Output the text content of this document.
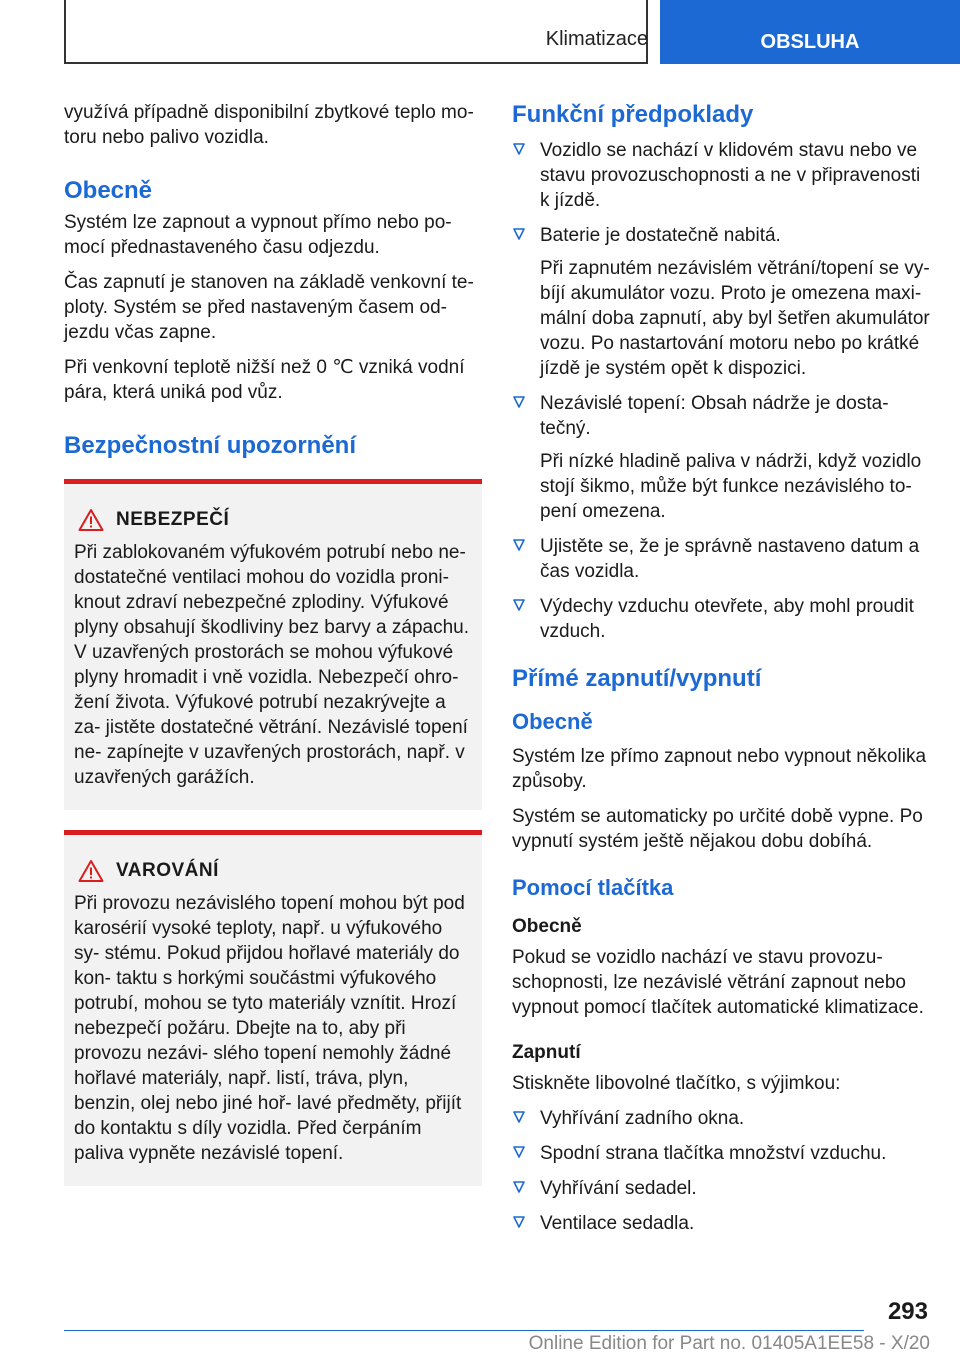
Klimatizace	OBSLUHA

využívá případně disponibilní zbytkové teplo mo- toru nebo palivo vozidla.

Obecně

Systém lze zapnout a vypnout přímo nebo po- mocí přednastaveného času odjezdu.

Čas zapnutí je stanoven na základě venkovní te- ploty. Systém se před nastaveným časem od- jezdu včas zapne.

Při venkovní teplotě nižší než 0 ℃ vzniká vodní pára, která uniká pod vůz.

Bezpečnostní upozornění
NEBEZPEČÍ

Při zablokovaném výfukovém potrubí nebo ne- dostatečné ventilaci mohou do vozidla proni- knout zdraví nebezpečné zplodiny. Výfukové plyny obsahují škodliviny bez barvy a zápachu. V uzavřených prostorách se mohou výfukové plyny hromadit i vně vozidla. Nebezpečí ohro- žení života. Výfukové potrubí nezakrývejte a za- jistěte dostatečné větrání. Nezávislé topení ne- zapínejte v uzavřených prostorách, např. v uzavřených garážích.

VAROVÁNÍ

Při provozu nezávislého topení mohou být pod karosérií vysoké teploty, např. u výfukového sy- stému. Pokud přijdou hořlavé materiály do kon- taktu s horkými součástmi výfukového potrubí, mohou se tyto materiály vznítit. Hrozí nebezpečí požáru. Dbejte na to, aby při provozu nezávi- slého topení nemohly žádné hořlavé materiály, např. listí, tráva, plyn, benzin, olej nebo jiné hoř- lavé předměty, přijít do kontaktu s díly vozidla. Před čerpáním paliva vypněte nezávislé topení.

Funkční předpoklady

Vozidlo se nachází v klidovém stavu nebo ve stavu provozuschopnosti a ne v připravenosti k jízdě.

Baterie je dostatečně nabitá.

Při zapnutém nezávislém větrání/topení se vy- bíjí akumulátor vozu. Proto je omezena maxi- mální doba zapnutí, aby byl šetřen akumulátor vozu. Po nastartování motoru nebo po krátké jízdě je systém opět k dispozici.

Nezávislé topení: Obsah nádrže je dosta- tečný.

Při nízké hladině paliva v nádrži, když vozidlo stojí šikmo, může být funkce nezávislého to- pení omezena.

Ujistěte se, že je správně nastaveno datum a čas vozidla.

Výdechy vzduchu otevřete, aby mohl proudit vzduch.

Přímé zapnutí/vypnutí
Obecně

Systém lze přímo zapnout nebo vypnout několika způsoby.

Systém se automaticky po určité době vypne. Po vypnutí systém ještě nějakou dobu dobíhá.

Pomocí tlačítka
Obecně

Pokud se vozidlo nachází ve stavu provozu- schopnosti, lze nezávislé větrání zapnout nebo vypnout pomocí tlačítek automatické klimatizace.

Zapnutí

Stiskněte libovolné tlačítko, s výjimkou:

Vyhřívání zadního okna.

Spodní strana tlačítka množství vzduchu.

Vyhřívání sedadel.

Ventilace sedadla.

293
Online Edition for Part no. 01405A1EE58 - X/20
